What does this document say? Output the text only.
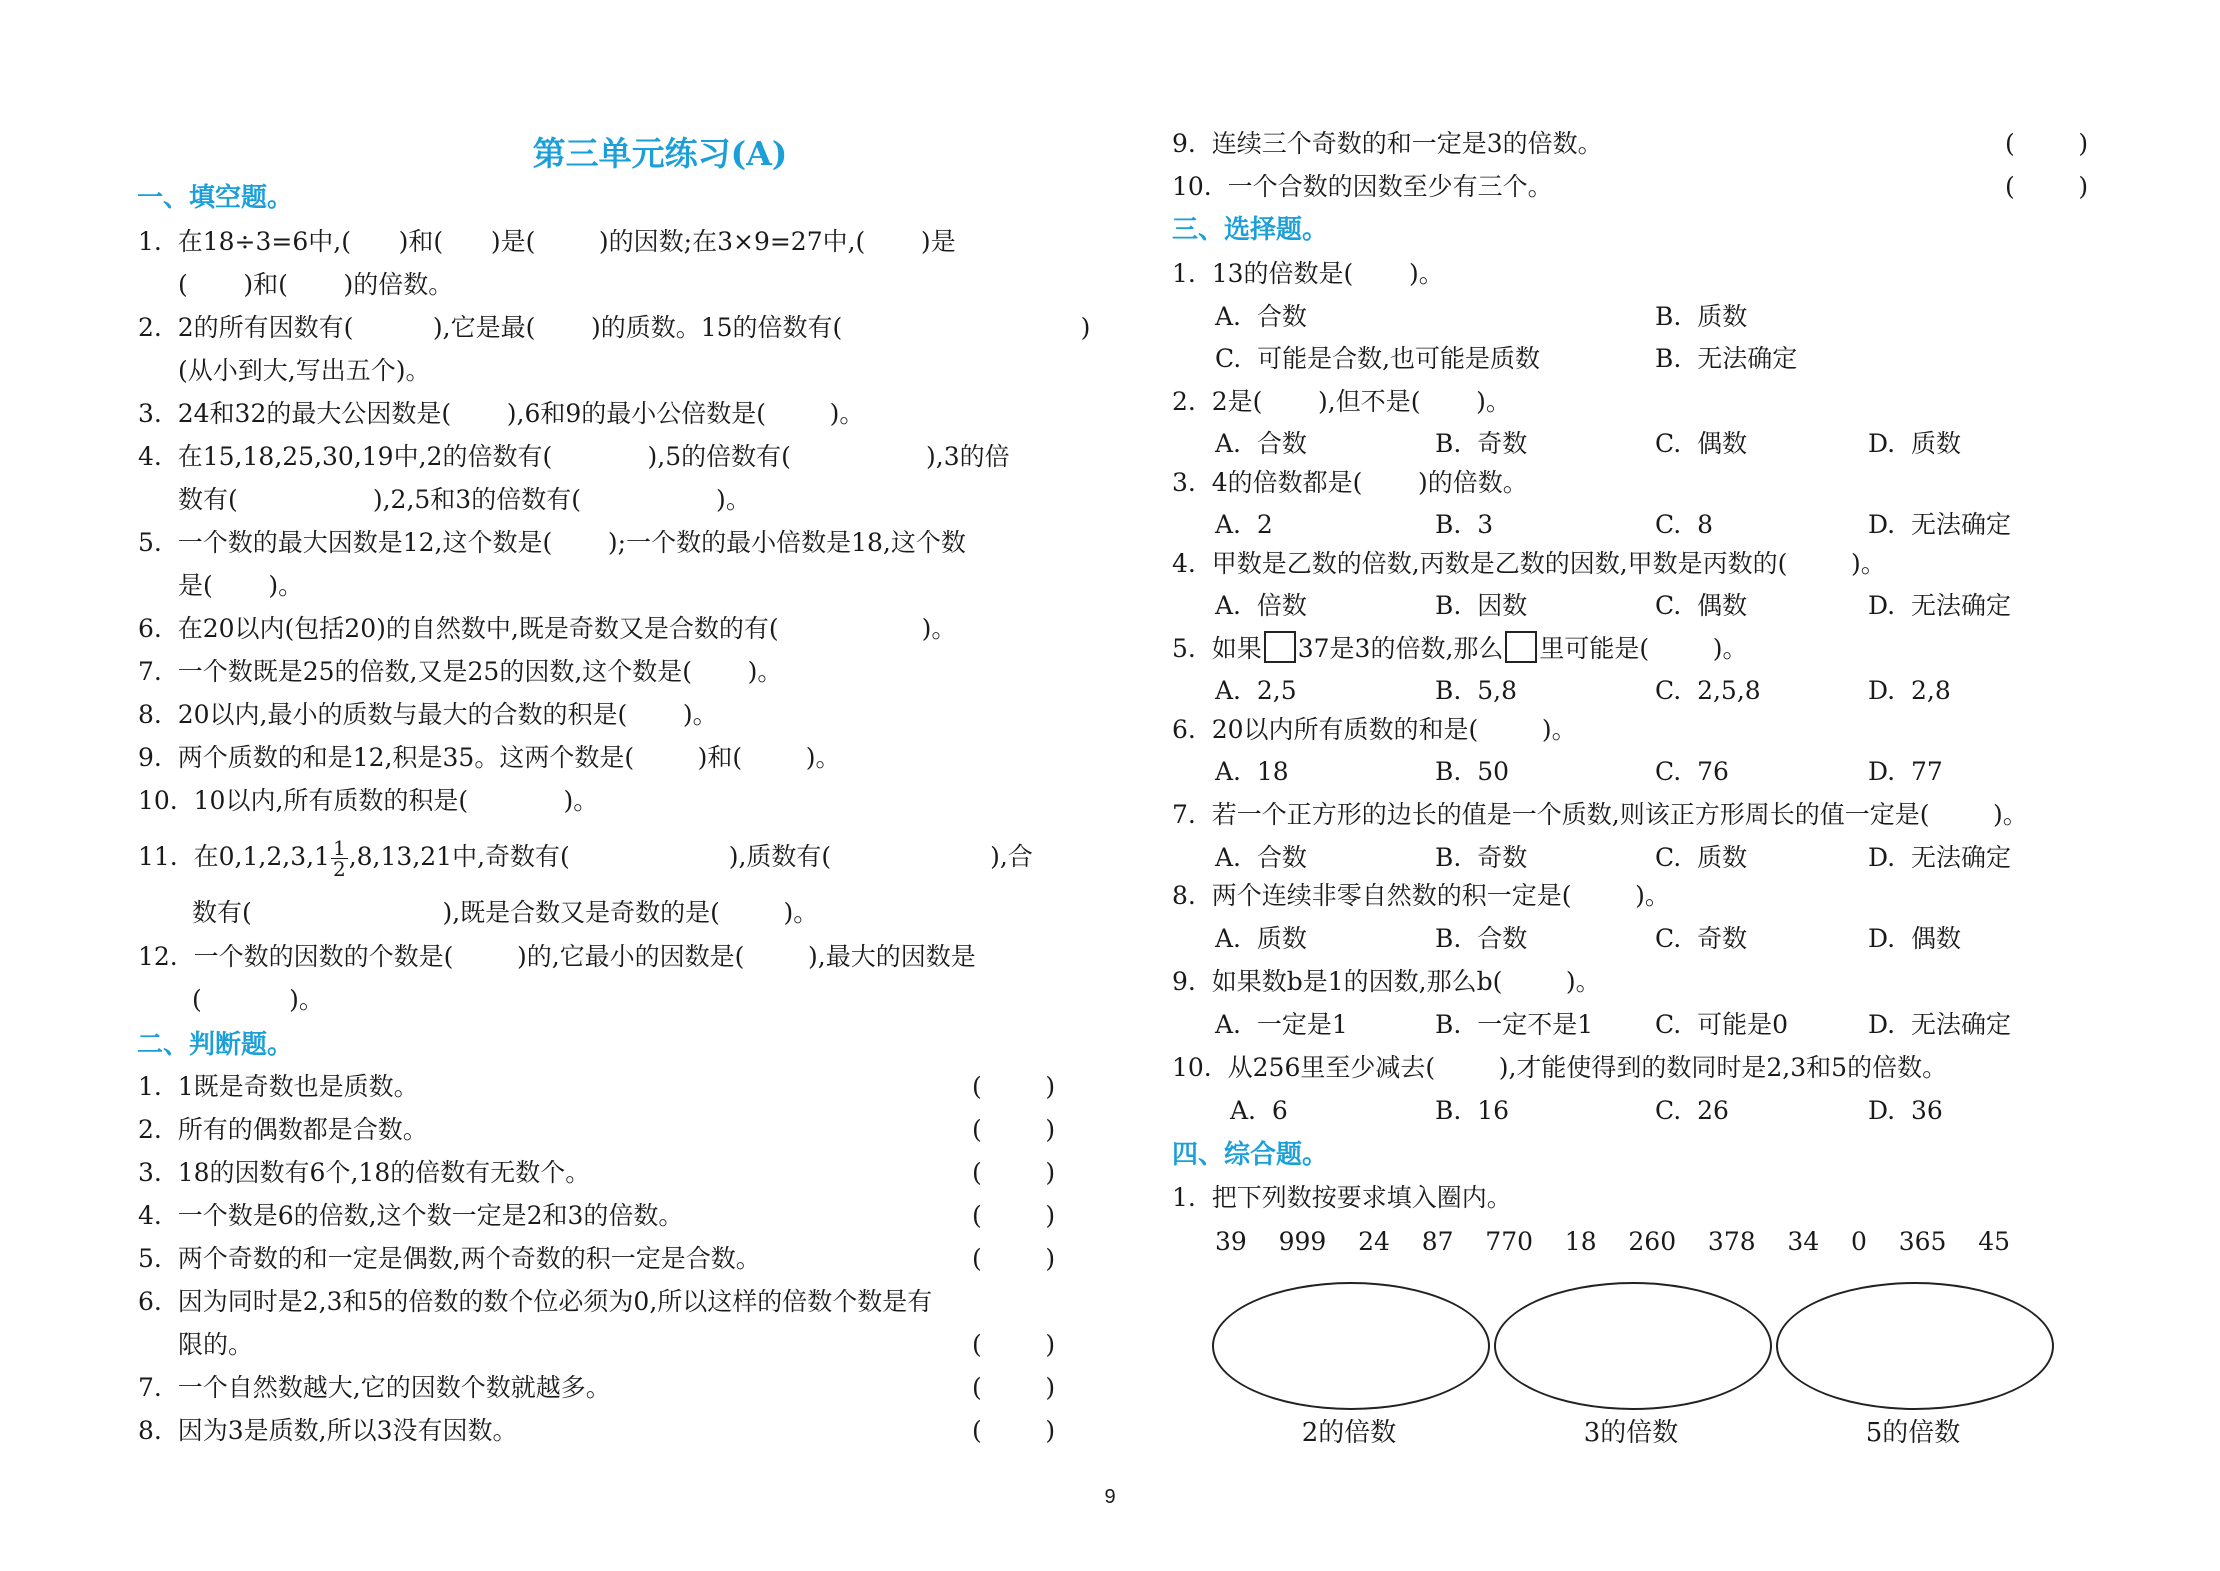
第三单元练习(A)
一、填空题。
1.  在18÷3=6中,(      )和(      )是(        )的因数;在3×9=27中,(       )是
(       )和(       )的倍数。
2.  2的所有因数有(          ),它是最(       )的质数。15的倍数有(                              )
(从小到大,写出五个)。
3.  24和32的最大公因数是(       ),6和9的最小公倍数是(        )。
4.  在15,18,25,30,19中,2的倍数有(            ),5的倍数有(                 ),3的倍
数有(                 ),2,5和3的倍数有(                 )。
5.  一个数的最大因数是12,这个数是(       );一个数的最小倍数是18,这个数
是(       )。
6.  在20以内(包括20)的自然数中,既是奇数又是合数的有(                  )。
7.  一个数既是25的倍数,又是25的因数,这个数是(       )。
8.  20以内,最小的质数与最大的合数的积是(       )。
9.  两个质数的和是12,积是35。这两个数是(        )和(        )。
10.  10以内,所有质数的积是(            )。
11.  在$0,1,2,3,1 \frac{1}{2} ,8,13,21$中,奇数有(                    ),质数有(                    ),合
数有(                        ),既是合数又是奇数的是(        )。
12.  一个数的因数的个数是(        )的,它最小的因数是(        ),最大的因数是
(           )。
二、判断题。
1.  1既是奇数也是质数。	(        )
2.  所有的偶数都是合数。	(        )
3.  18的因数有6个,18的倍数有无数个。	(        )
4.  一个数是6的倍数,这个数一定是2和3的倍数。	(        )
5.  两个奇数的和一定是偶数,两个奇数的积一定是合数。	(        )
6.  因为同时是2,3和5的倍数的数个位必须为0,所以这样的倍数个数是有
限的。	(        )
7.  一个自然数越大,它的因数个数就越多。	(        )
8.  因为3是质数,所以3没有因数。	(        )
9.  连续三个奇数的和一定是3的倍数。	(        )
10.  一个合数的因数至少有三个。	(        )
三、选择题。
1.  13的倍数是(       )。
A.  合数	B.  质数
C.  可能是合数,也可能是质数	B.  无法确定
2.  2是(       ),但不是(       )。
A.  合数	B.  奇数	C.  偶数	D.  质数
3.  4的倍数都是(       )的倍数。
A.  2	B.  3	C.  8	D.  无法确定
4.  甲数是乙数的倍数,丙数是乙数的因数,甲数是丙数的(        )。
A.  倍数	B.  因数	C.  偶数	D.  无法确定
5.  如果 37是3的倍数,那么 里可能是(        )。
A.  2,5	B.  5,8	C.  2,5,8	D.  2,8
6.  20以内所有质数的和是(        )。
A.  18	B.  50	C.  76	D.  77
7.  若一个正方形的边长的值是一个质数,则该正方形周长的值一定是(        )。
A.  合数	B.  奇数	C.  质数	D.  无法确定
8.  两个连续非零自然数的积一定是(        )。
A.  质数	B.  合数	C.  奇数	D.  偶数
9.  如果数b是1的因数,那么b(        )。
A.  一定是1	B.  一定不是1 C.  可能是0	D.  无法确定
10.  从256里至少减去(        ),才能使得到的数同时是2,3和5的倍数。
A.  6	B.  16	C.  26	D.  36
四、综合题。
1.  把下列数按要求填入圈内。
39    999    24    87    770    18    260    378    34    0    365    45
2的倍数	3的倍数	5的倍数
9
